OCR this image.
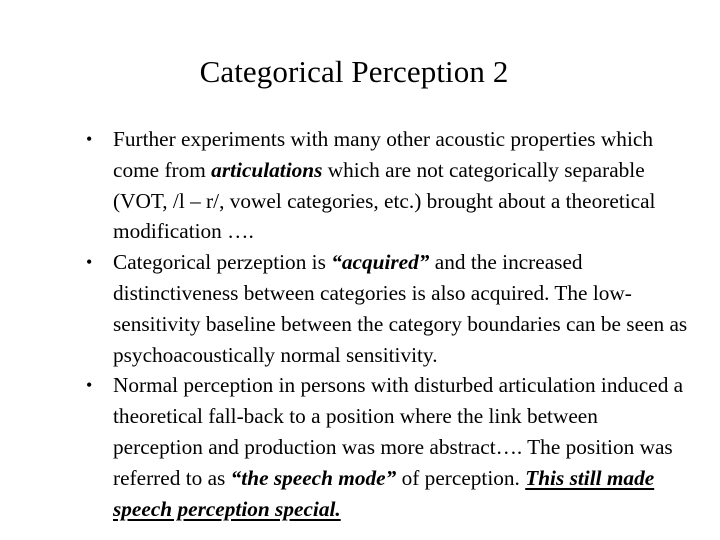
Categorical Perception 2
• Further experiments with many other acoustic properties which come from articulations which are not categorically separable (VOT, /l – r/, vowel categories, etc.) brought about a theoretical modification ….
• Categorical perzeption is “acquired” and the increased distinctiveness between categories is also acquired. The low-sensitivity baseline between the category boundaries can be seen as psychoacoustically normal sensitivity.
• Normal perception in persons with disturbed articulation induced a theoretical fall-back to a position where the link between perception and production was more abstract…. The position was referred to as “the speech mode” of perception. This still made speech perception special.
